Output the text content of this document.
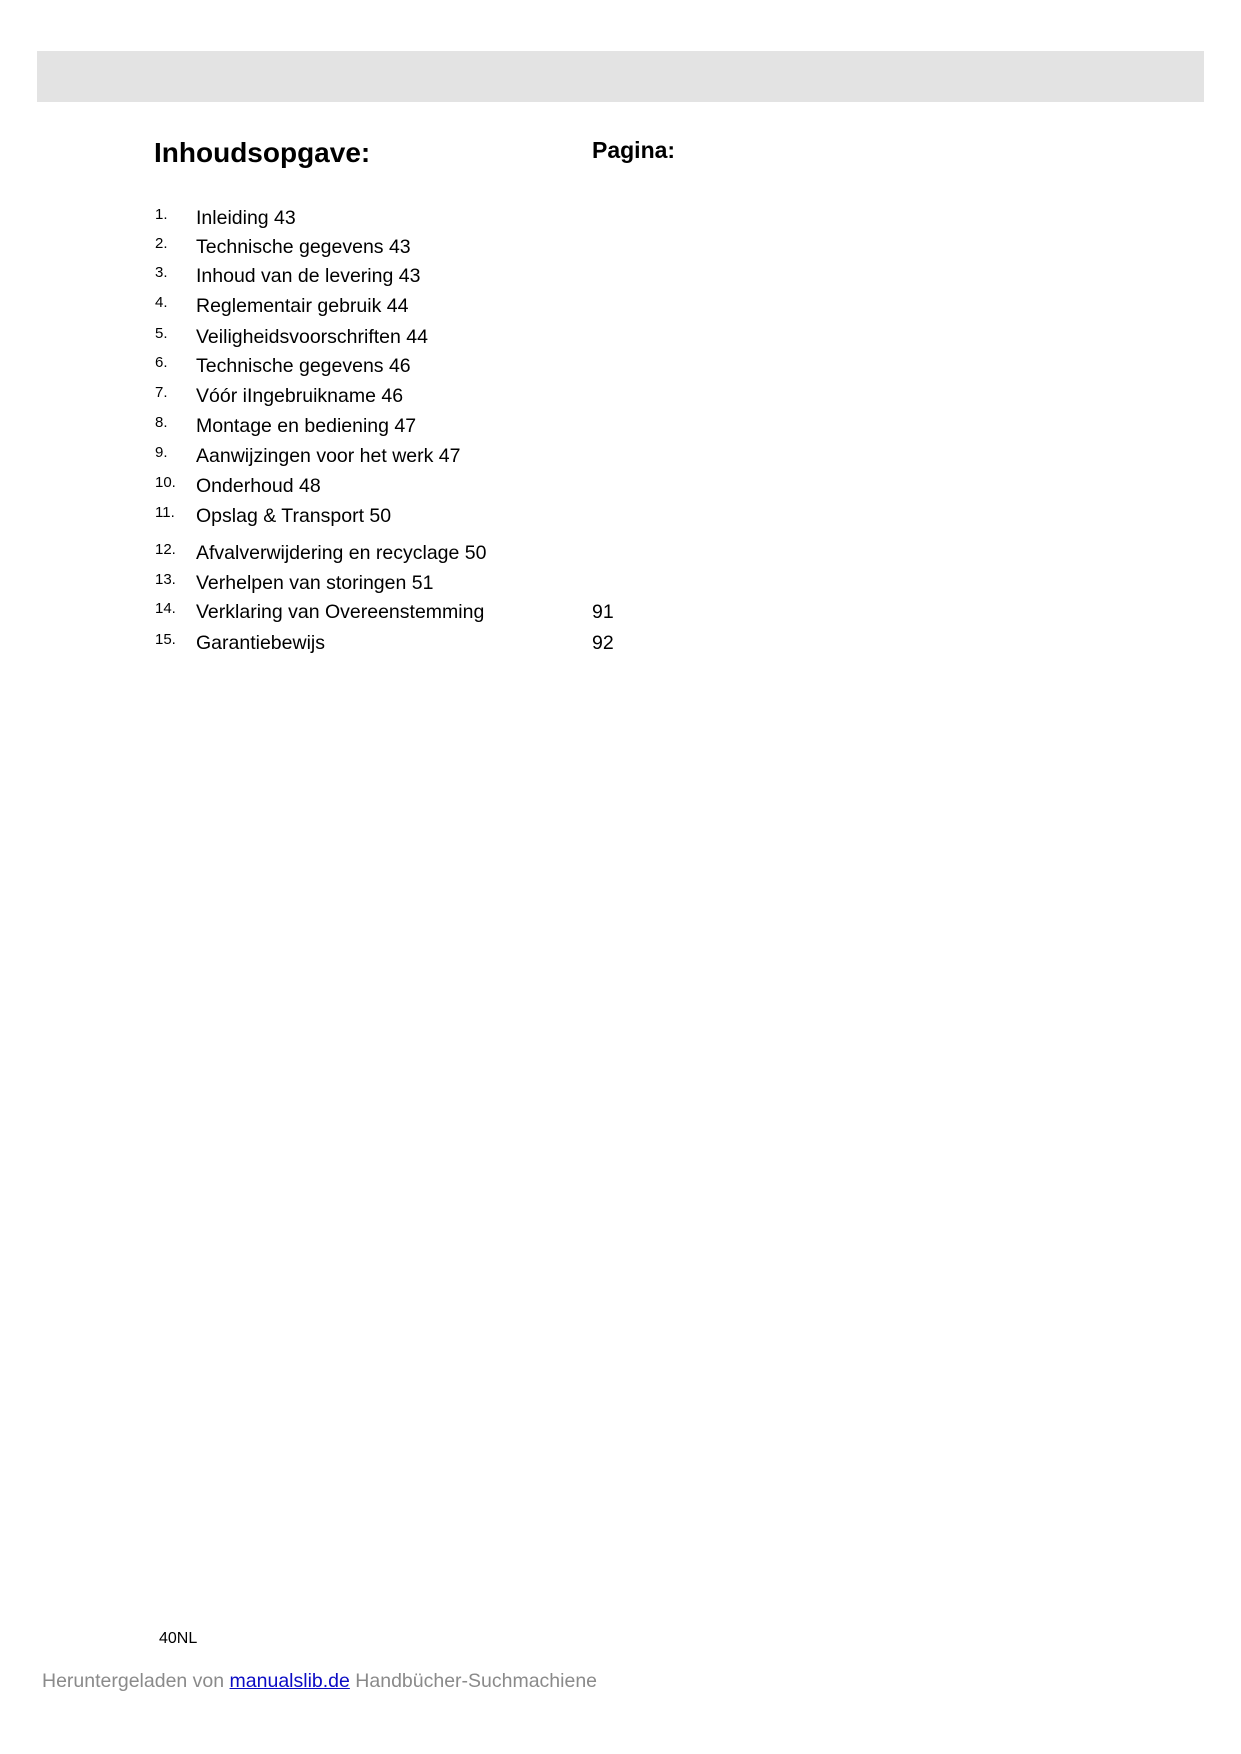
Inhoudsopgave:	Pagina:
1. Inleiding 43
2. Technische gegevens 43
3. Inhoud van de levering 43
4. Reglementair gebruik 44
5. Veiligheidsvoorschriften 44
6. Technische gegevens 46
7. Vóór iIngebruikname 46
8. Montage en bediening 47
9. Aanwijzingen voor het werk 47
10. Onderhoud 48
11. Opslag & Transport 50
12. Afvalverwijdering en recyclage 50
13. Verhelpen van storingen 51
14. Verklaring van Overeenstemming	91
15. Garantiebewijs	92
40NL
Heruntergeladen von manualslib.de Handbücher-Suchmachiene
